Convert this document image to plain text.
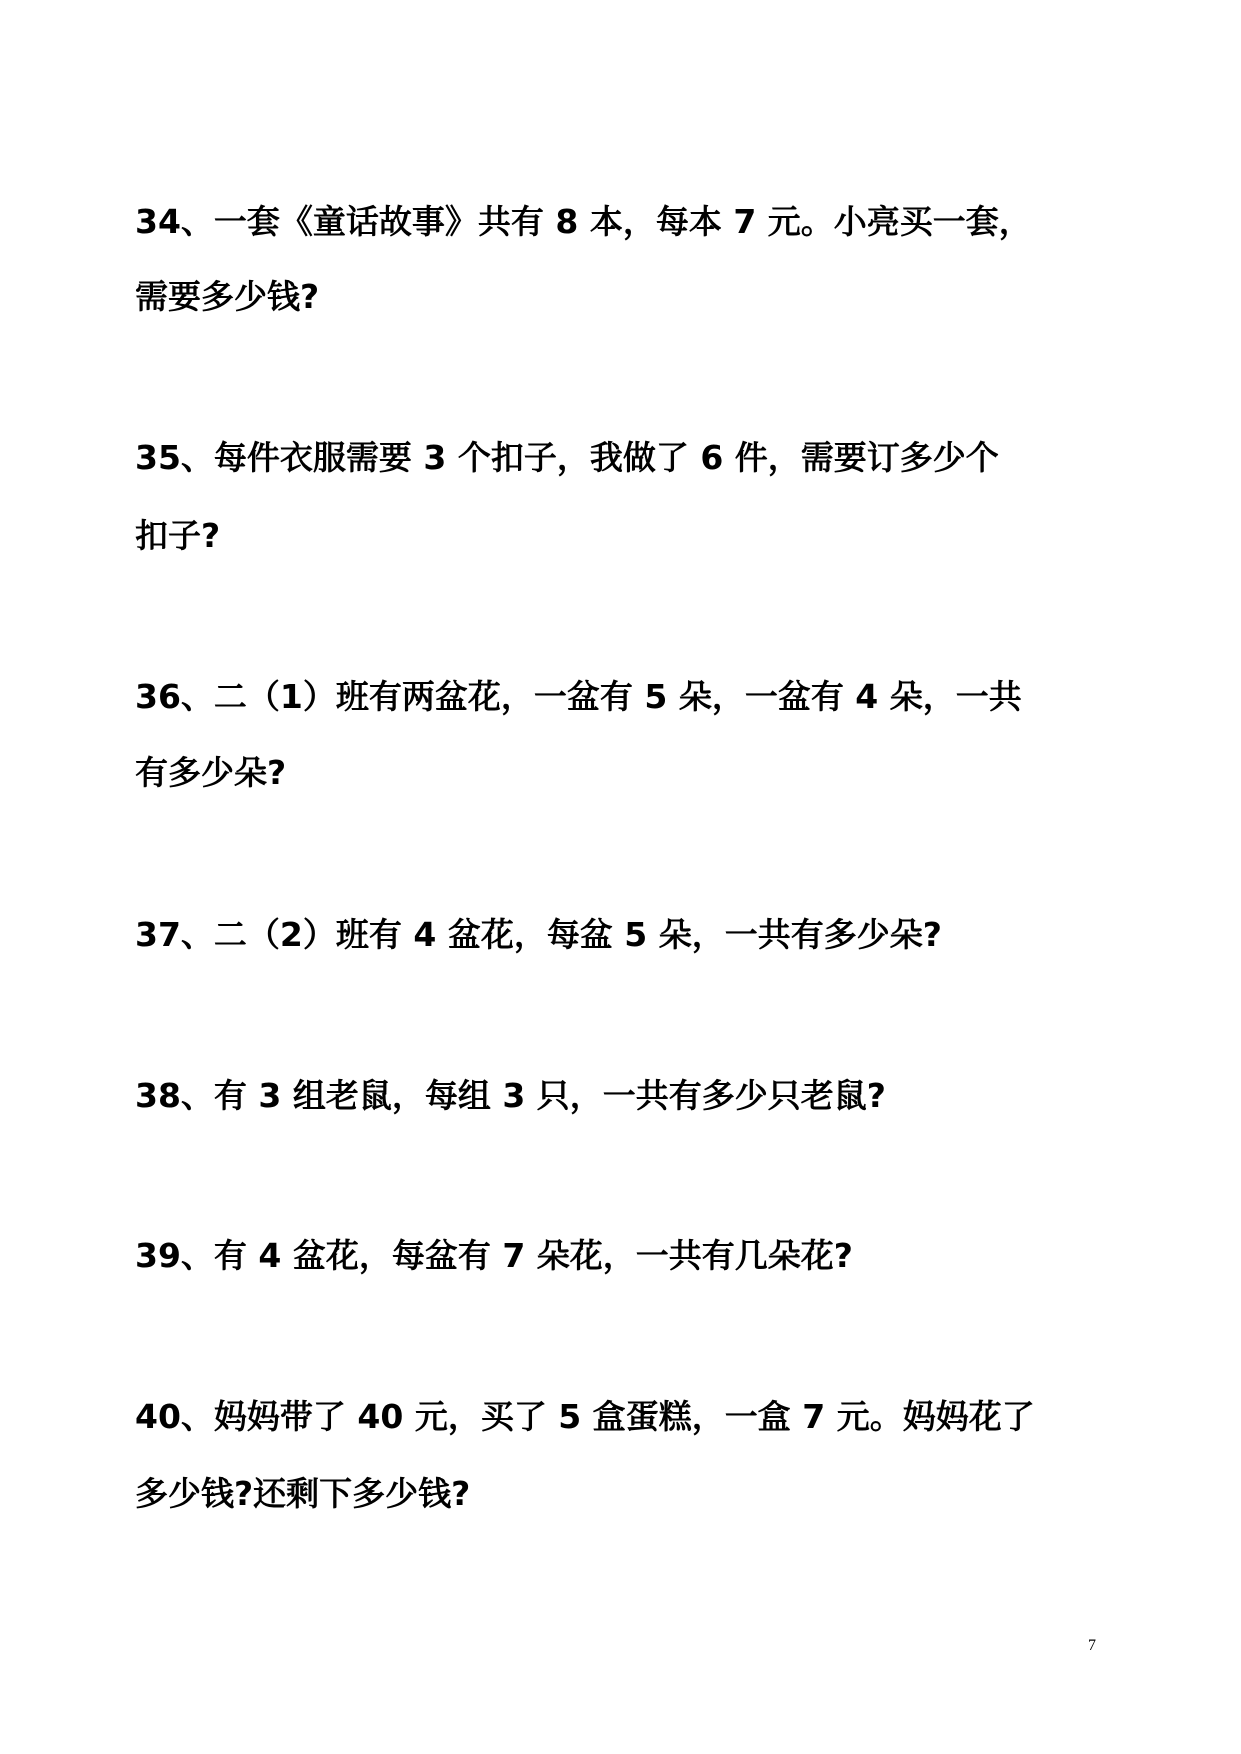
34、一套《童话故事》共有 8 本，每本 7 元。小亮买一套，
需要多少钱?
35、每件衣服需要 3 个扣子，我做了 6 件，需要订多少个
扣子?
36、二（1）班有两盆花，一盆有 5 朵，一盆有 4 朵，一共
有多少朵?
37、二（2）班有 4 盆花，每盆 5 朵，一共有多少朵?
38、有 3 组老鼠，每组 3 只，一共有多少只老鼠?
39、有 4 盆花，每盆有 7 朵花，一共有几朵花?
40、妈妈带了 40 元，买了 5 盒蛋糕，一盒 7 元。妈妈花了
多少钱?还剩下多少钱?
7
